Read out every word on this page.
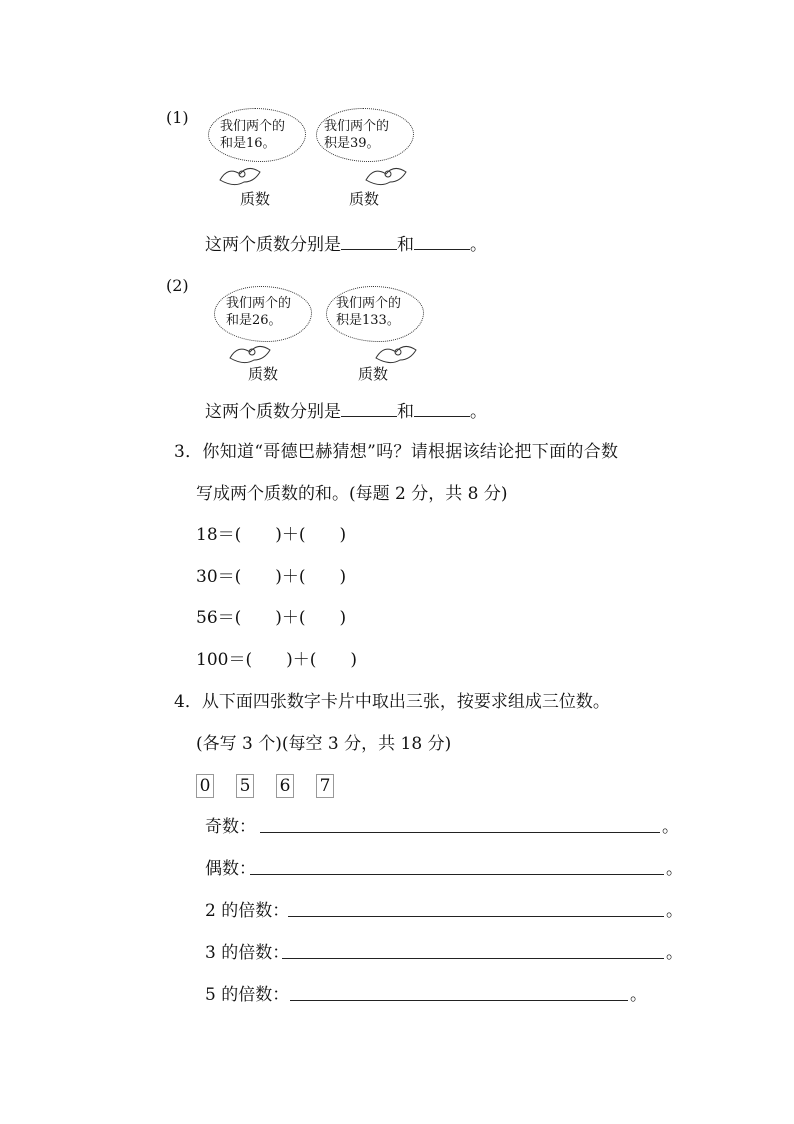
(1) 我们两个的
和是16。
我们两个的
积是39。
质数	质数
这两个质数分别是	和	。
(2)
我们两个的
和是26。
我们两个的
积是133。
质数	质数
这两个质数分别是	和	。
3．你知道“哥德巴赫猜想”吗？请根据该结论把下面的合数
写成两个质数的和。(每题 2 分，共 8 分)
18＝(　　)＋(　　)
30＝(　　)＋(　　)
56＝(　　)＋(　　)
100＝(　　)＋(　　)
4．从下面四张数字卡片中取出三张，按要求组成三位数。
(各写 3 个)(每空 3 分，共 18 分)
0 5 6 7
奇数：	。
偶数：	。
2 的倍数：	。
3 的倍数：	。
5 的倍数：	。
